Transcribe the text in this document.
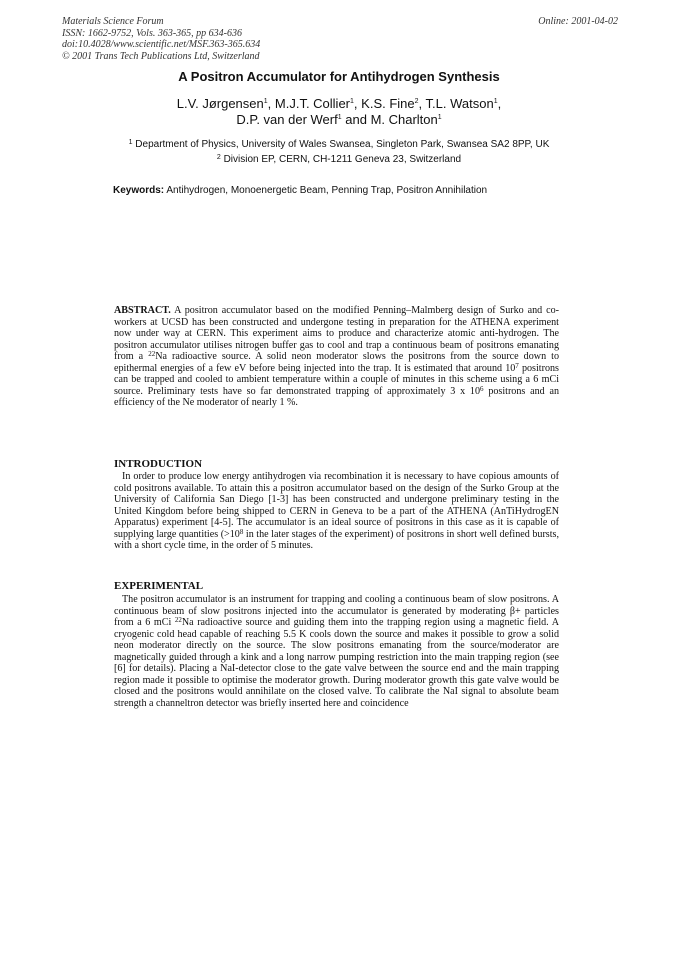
Materials Science Forum
ISSN: 1662-9752, Vols. 363-365, pp 634-636
doi:10.4028/www.scientific.net/MSF.363-365.634
© 2001 Trans Tech Publications Ltd, Switzerland
Online: 2001-04-02
A Positron Accumulator for Antihydrogen Synthesis
L.V. Jørgensen$^1$, M.J.T. Collier$^1$, K.S. Fine$^2$, T.L. Watson$^1$,
D.P. van der Werf$^1$ and M. Charlton$^1$
$^1$ Department of Physics, University of Wales Swansea, Singleton Park, Swansea SA2 8PP, UK
$^2$ Division EP, CERN, CH-1211 Geneva 23, Switzerland
Keywords: Antihydrogen, Monoenergetic Beam, Penning Trap, Positron Annihilation
ABSTRACT. A positron accumulator based on the modified Penning–Malmberg design of Surko and co-workers at UCSD has been constructed and undergone testing in preparation for the ATHENA experiment now under way at CERN. This experiment aims to produce and characterize atomic anti-hydrogen. The positron accumulator utilises nitrogen buffer gas to cool and trap a continuous beam of positrons emanating from a $^{22}$Na radioactive source. A solid neon moderator slows the positrons from the source down to epithermal energies of a few eV before being injected into the trap. It is estimated that around $10^7$ positrons can be trapped and cooled to ambient temperature within a couple of minutes in this scheme using a 6 mCi source. Preliminary tests have so far demonstrated trapping of approximately 3 x $10^6$ positrons and an efficiency of the Ne moderator of nearly 1 %.
INTRODUCTION
In order to produce low energy antihydrogen via recombination it is necessary to have copious amounts of cold positrons available. To attain this a positron accumulator based on the design of the Surko Group at the University of California San Diego [1-3] has been constructed and undergone preliminary testing in the United Kingdom before being shipped to CERN in Geneva to be a part of the ATHENA (AnTiHydrogEN Apparatus) experiment [4-5]. The accumulator is an ideal source of positrons in this case as it is capable of supplying large quantities ($>10^8$ in the later stages of the experiment) of positrons in short well defined bursts, with a short cycle time, in the order of 5 minutes.
EXPERIMENTAL
The positron accumulator is an instrument for trapping and cooling a continuous beam of slow positrons. A continuous beam of slow positrons injected into the accumulator is generated by moderating β+ particles from a 6 mCi $^{22}$Na radioactive source and guiding them into the trapping region using a magnetic field. A cryogenic cold head capable of reaching 5.5 K cools down the source and makes it possible to grow a solid neon moderator directly on the source. The slow positrons emanating from the source/moderator are magnetically guided through a kink and a long narrow pumping restriction into the main trapping region (see [6] for details). Placing a NaI-detector close to the gate valve between the source end and the main trapping region made it possible to optimise the moderator growth. During moderator growth this gate valve would be closed and the positrons would annihilate on the closed valve. To calibrate the NaI signal to absolute beam strength a channeltron detector was briefly inserted here and coincidence
